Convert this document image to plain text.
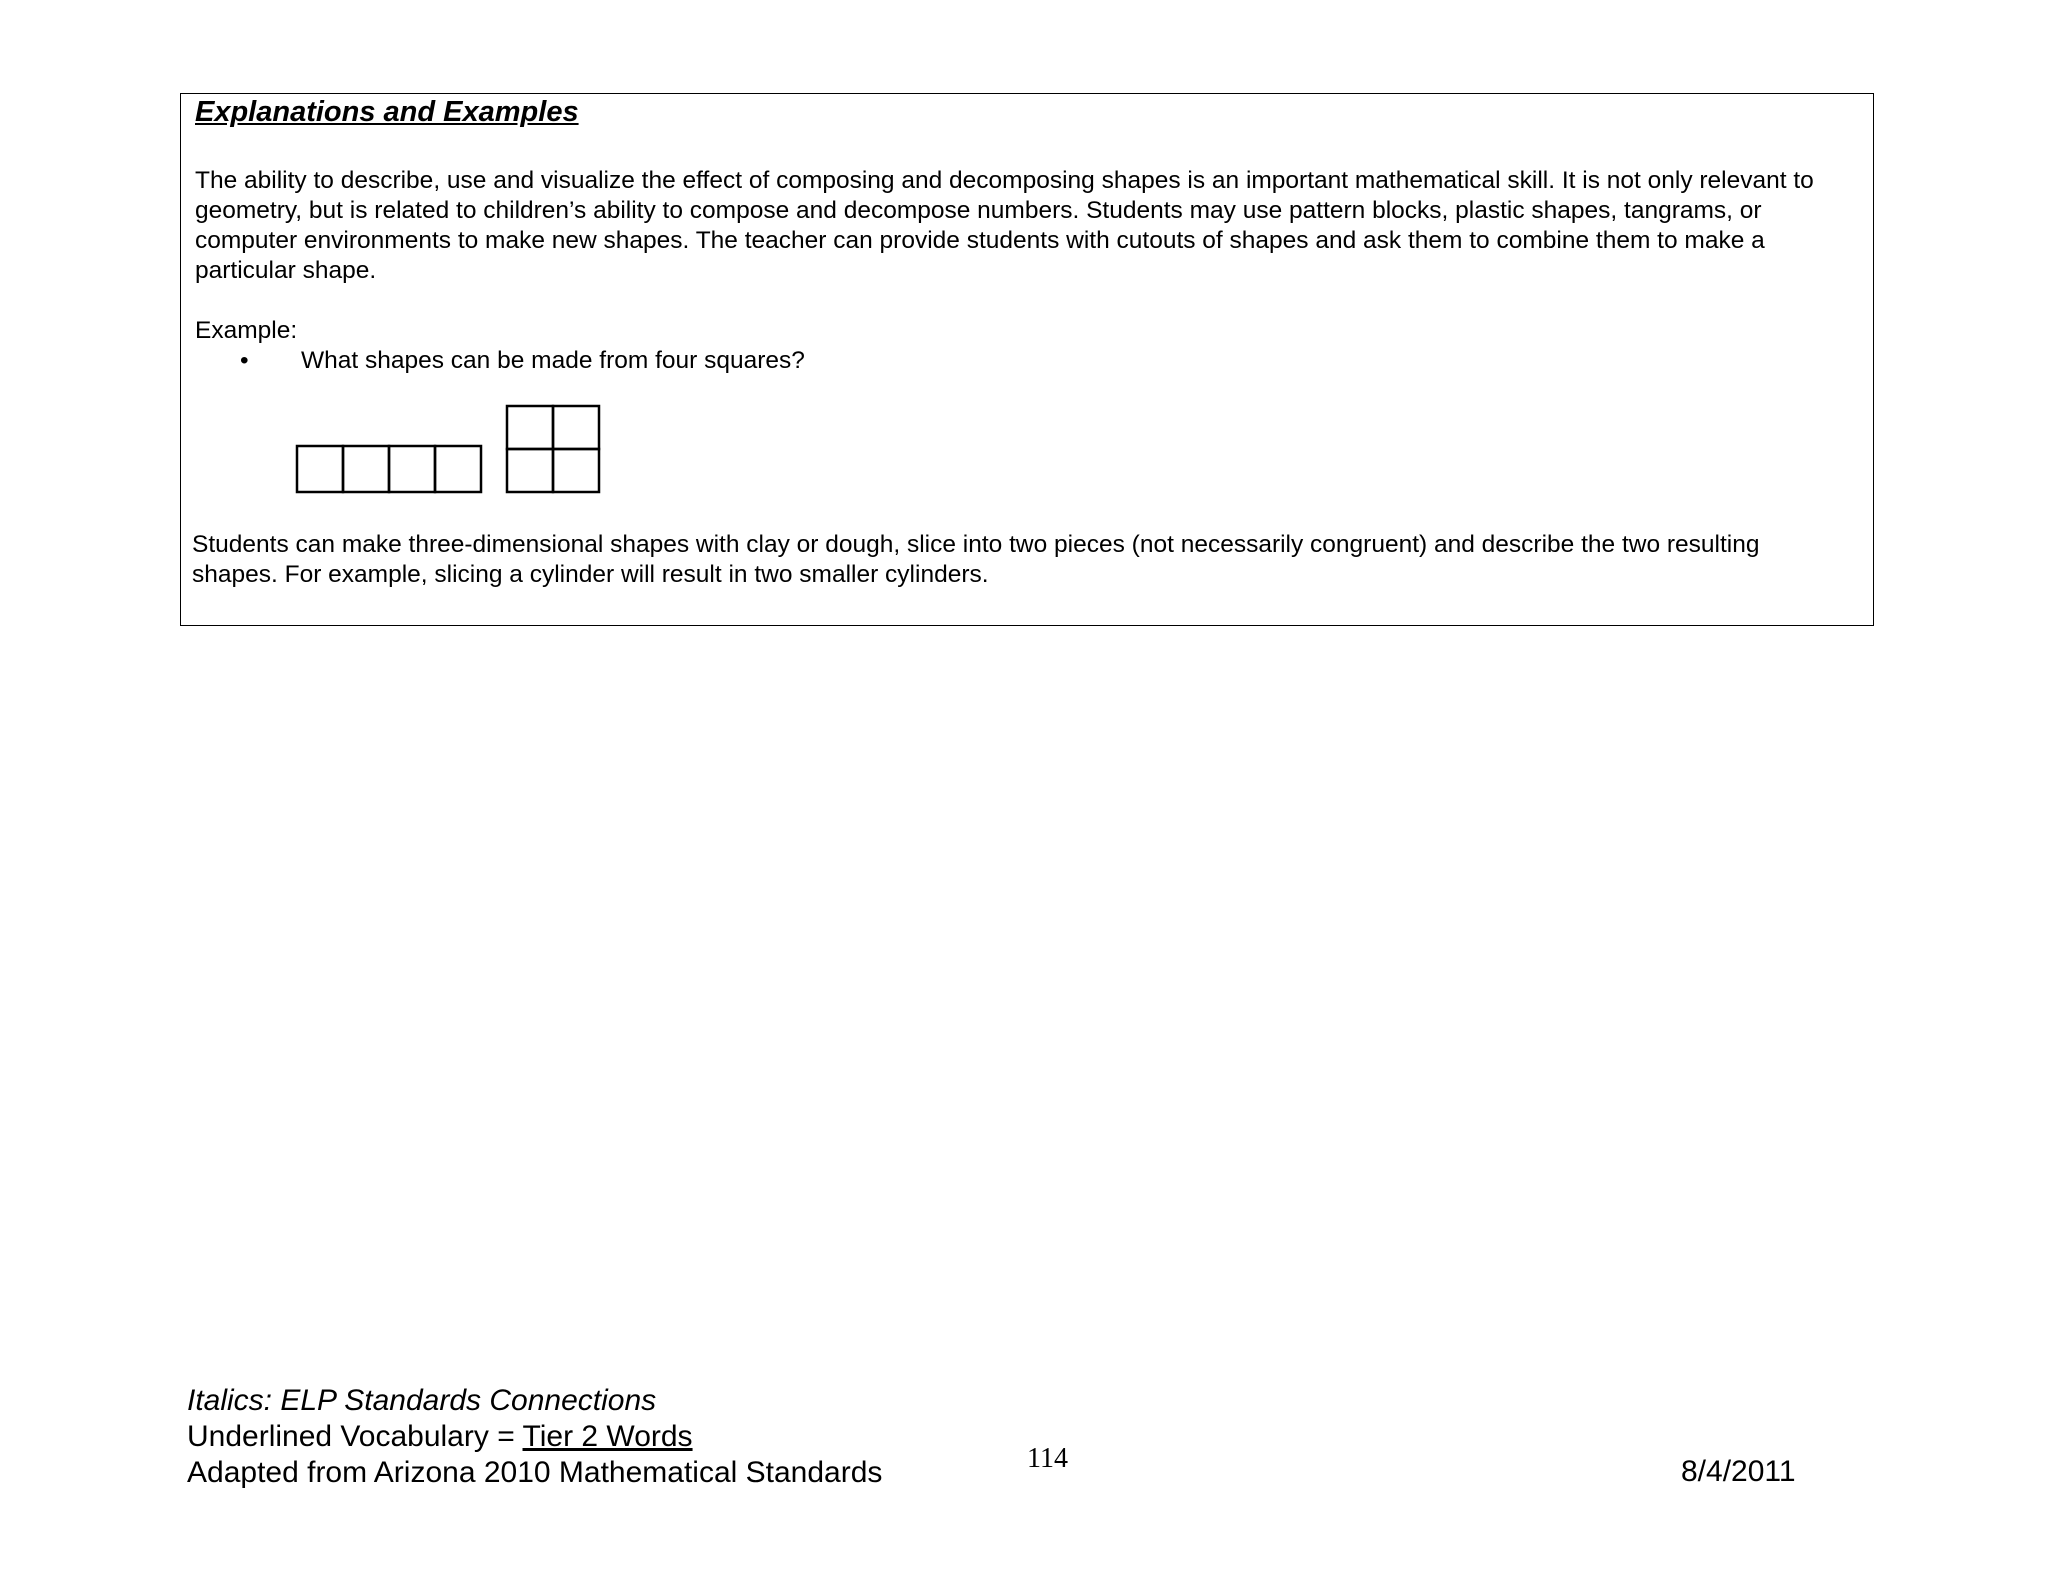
Explanations and Examples
The ability to describe, use and visualize the effect of composing and decomposing shapes is an important mathematical skill. It is not only relevant to geometry, but is related to children’s ability to compose and decompose numbers. Students may use pattern blocks, plastic shapes, tangrams, or computer environments to make new shapes. The teacher can provide students with cutouts of shapes and ask them to combine them to make a particular shape.
Example:
• What shapes can be made from four squares?
Students can make three-dimensional shapes with clay or dough, slice into two pieces (not necessarily congruent) and describe the two resulting shapes. For example, slicing a cylinder will result in two smaller cylinders.
Italics: ELP Standards Connections
Underlined Vocabulary = Tier 2 Words
Adapted from Arizona 2010 Mathematical Standards	114	8/4/2011
